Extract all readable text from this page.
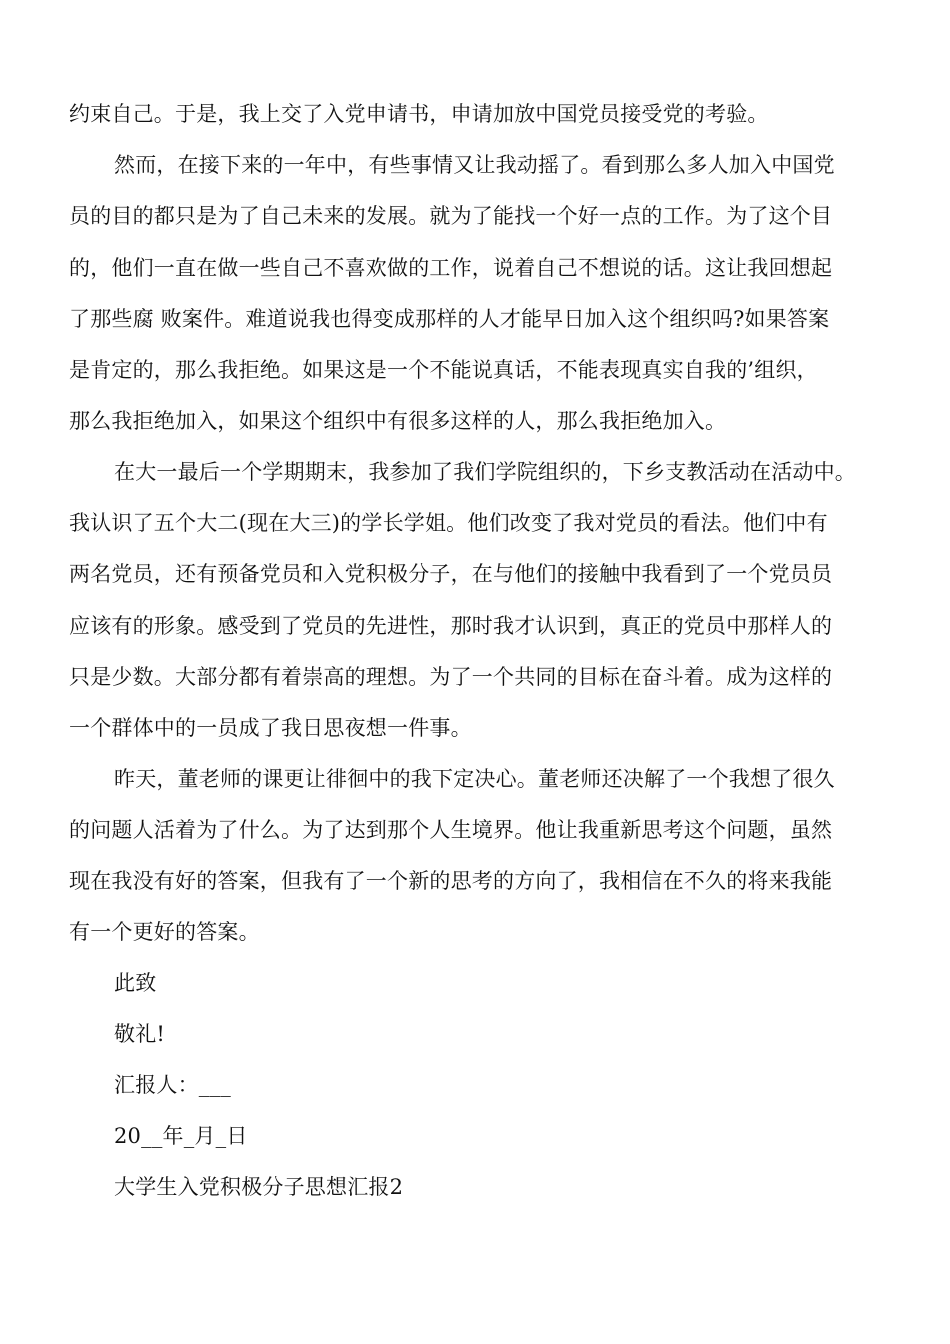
约束自己。于是，我上交了入党申请书，申请加放中国党员接受党的考验。
然而，在接下来的一年中，有些事情又让我动摇了。看到那么多人加入中国党
员的目的都只是为了自己未来的发展。就为了能找一个好一点的工作。为了这个目
的，他们一直在做一些自己不喜欢做的工作，说着自己不想说的话。这让我回想起
了那些腐 败案件。难道说我也得变成那样的人才能早日加入这个组织吗?如果答案
是肯定的，那么我拒绝。如果这是一个不能说真话，不能表现真实自我的’组织，
那么我拒绝加入，如果这个组织中有很多这样的人，那么我拒绝加入。
在大一最后一个学期期末，我参加了我们学院组织的，下乡支教活动在活动中。
我认识了五个大二(现在大三)的学长学姐。他们改变了我对党员的看法。他们中有
两名党员，还有预备党员和入党积极分子，在与他们的接触中我看到了一个党员员
应该有的形象。感受到了党员的先进性，那时我才认识到，真正的党员中那样人的
只是少数。大部分都有着崇高的理想。为了一个共同的目标在奋斗着。成为这样的
一个群体中的一员成了我日思夜想一件事。
昨天，董老师的课更让徘徊中的我下定决心。董老师还决解了一个我想了很久
的问题人活着为了什么。为了达到那个人生境界。他让我重新思考这个问题，虽然
现在我没有好的答案，但我有了一个新的思考的方向了，我相信在不久的将来我能
有一个更好的答案。
此致
敬礼!
汇报人：___
20__年_月_日
大学生入党积极分子思想汇报2
